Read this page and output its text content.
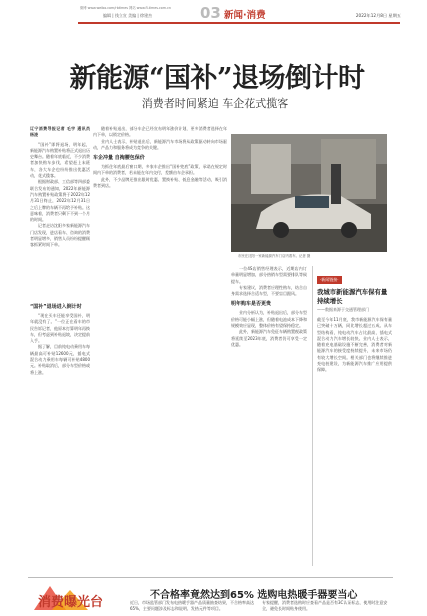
微博 www.weibo.com/rbtimes 网站 www.fl-times.com.cn
编辑 | 钱立宣 美编 | 徐建杰	03 新闻·消费	2022年12月8日 星期五
新能源“国补”退场倒计时
消费者时间紧迫 车企花式揽客
辽宁消费导报记者 毛宇 通讯员 杨凌

“国补”即将退场，明年起，新能源汽车购置补贴将正式退出历史舞台。随着年底临近，不少消费者加快购车步伐，希望赶上末班车，各大车企也纷纷推出优惠活动，花式揽客。

根据财政部、工信部等四部委联合发布的通知，2022年新能源汽车购置补贴政策将于2022年12月31日终止，2022年12月31日之后上牌的车辆不再给予补贴。这意味着，消费者只剩下不到一个月的时间。

记者走访沈阳多家新能源汽车门店发现，进店看车、咨询的消费者明显增多，销售人员纷纷提醒顾客抓紧时间下单。

“国补”退场进入倒计时

“现在买车还能享受国补，明年就没有了。”一位正在看车的市民告诉记者，他原本打算明年再换车，但考虑到补贴退坡，决定提前入手。

据了解，目前纯电动乘用车每辆最高可补贴12600元，插电式混合动力乘用车每辆可补贴4800元。补贴取消后，部分车型价格或将上涨。

随着补贴退出，部分车企已经宣布明年涨价计划，更多消费者选择在年内下单，以锁定价格。

业内人士表示，补贴退出后，新能源汽车市场将从政策驱动转向市场驱动，产品力和服务将成为竞争的关键。

车企冲量 自掏腰包保价

为抓住年底最后窗口期，多家车企推出“国补兜底”政策，承诺在规定时间内下单的消费者，若未能在年内交付，差额由车企承担。

此外，不少品牌还推出限时优惠、置换补贴、低息金融等活动，吸引消费者到店。

市民在沈阳一家新能源汽车门店内看车。记者 摄

一位4S店销售经理表示，近期店内订单量明显增加，部分热销车型需要排队等候提车。

专家建议，消费者应理性购车，结合自身需求选择合适车型，不要盲目跟风。

明年购车是否更贵

业内分析认为，补贴退出后，部分车型价格可能小幅上涨，但随着电池成本下降和规模效应显现，整体价格有望保持稳定。

此外，新能源汽车免征车辆购置税政策将延续至2023年底，消费者仍可享受一定优惠。

·新闻链接·
我城市新能源汽车保有量持续增长
——数据来源于交通管理部门
截至今年11月底，我市新能源汽车保有量已突破十万辆，同比增长超过五成。从车型结构看，纯电动汽车占比最高，插电式混合动力汽车增长较快。业内人士表示，随着充电基础设施不断完善，消费者对新能源汽车的接受度持续提升，未来市场仍有较大增长空间。相关部门也将继续推进充电桩建设，为新能源汽车推广应用提供保障。
消费曝光台	不合格率竟然达到65% 选购电热暖手器要当心
近日，市场监管部门发布电热暖手器产品质量抽查结果，不合格率高达65%，主要问题涉及标志和说明、发热元件等项目。
专家提醒，消费者选购时应查看产品是否有3C认证标志，使用时注意安全，避免长时间贴身使用。
